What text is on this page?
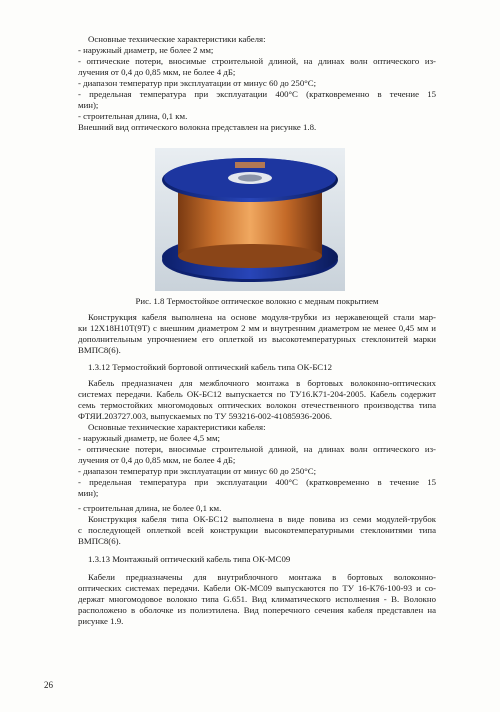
Основные технические характеристики кабеля:
- наружный диаметр, не более 2 мм;
- оптические потери, вносимые строительной длиной, на длинах волн оптического из-
лучения от 0,4 до 0,85 мкм, не более 4 дБ;
- диапазон температур при эксплуатации от минус 60 до 250°С;
- предельная температура при эксплуатации 400°С (кратковременно в течение 15
мин);
- строительная длина, 0,1 км.
Внешний вид оптического волокна представлен на рисунке 1.8.
Рис. 1.8 Термостойкое оптическое волокно с медным покрытием
Конструкция кабеля выполнена на основе модуля-трубки из нержавеющей стали мар-
ки 12Х18Н10Т(9Т) с внешним диаметром 2 мм и внутренним диаметром не менее 0,45 мм и
дополнительным упрочнением его оплеткой из высокотемпературных стеклонитей марки
ВМПС8(6).
1.3.12 Термостойкий бортовой оптический кабель типа ОК-БС12
Кабель предназначен для межблочного монтажа в бортовых волоконно-оптических
системах передачи. Кабель ОК-БС12 выпускается по ТУ16.К71-204-2005. Кабель содержит
семь термостойких многомодовых оптических волокон отечественного производства типа
ФТЯИ.203727.003, выпускаемых по ТУ 593216-002-41085936-2006.
Основные технические характеристики кабеля:
- наружный диаметр, не более 4,5 мм;
- оптические потери, вносимые строительной длиной, на длинах волн оптического из-
лучения от 0,4 до 0,85 мкм, не более 4 дБ;
- диапазон температур при эксплуатации от минус 60 до 250°С;
- предельная температура при эксплуатации 400°С (кратковременно в течение 15
мин);
- строительная длина, не более 0,1 км.
Конструкция кабеля типа ОК-БС12 выполнена в виде повива из семи модулей-трубок
с последующей оплеткой всей конструкции высокотемпературными стеклонитями типа
ВМПС8(6).
1.3.13 Монтажный оптический кабель типа ОК-МС09
Кабели предназначены для внутриблочного монтажа в бортовых волоконно-
оптических системах передачи. Кабели ОК-МС09 выпускаются по ТУ 16-К76-100-93 и со-
держат многомодовое волокно типа G.651. Вид климатического исполнения - В. Волокно
расположено в оболочке из полиэтилена. Вид поперечного сечения кабеля представлен на
рисунке 1.9.
26
